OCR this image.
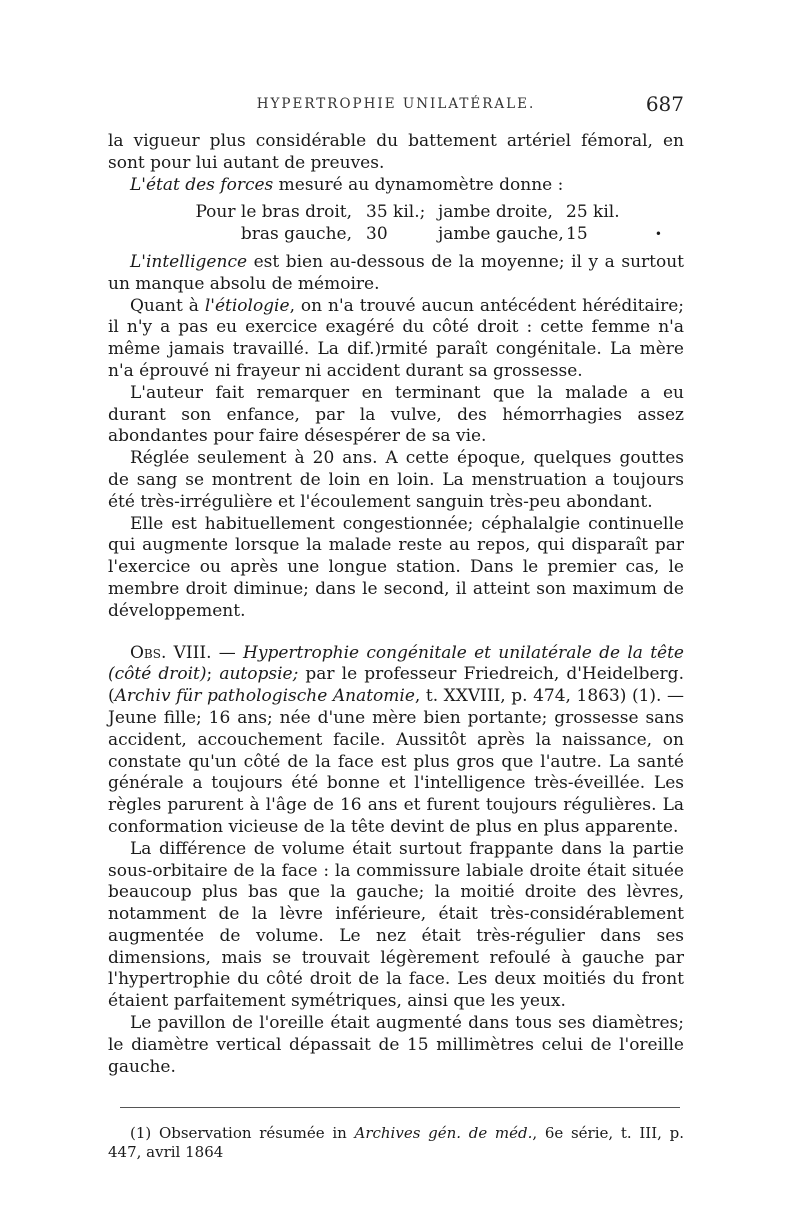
HYPERTROPHIE UNILATÉRALE.	687

la vigueur plus considérable du battement artériel fémoral, en sont pour lui autant de preuves.

L'état des forces mesuré au dynamomètre donne :

Pour le bras droit, 35 kil.; jambe droite, 25 kil.
bras gauche, 30	jambe gauche, 15	•

L'intelligence est bien au-dessous de la moyenne; il y a surtout un manque absolu de mémoire.

Quant à l'étiologie, on n'a trouvé aucun antécédent héréditaire; il n'y a pas eu exercice exagéré du côté droit : cette femme n'a même jamais travaillé. La dif.)rmité paraît congénitale. La mère n'a éprouvé ni frayeur ni accident durant sa grossesse.

L'auteur fait remarquer en terminant que la malade a eu durant son enfance, par la vulve, des hémorrhagies assez abondantes pour faire désespérer de sa vie.

Réglée seulement à 20 ans. A cette époque, quelques gouttes de sang se montrent de loin en loin. La menstruation a toujours été très-irrégulière et l'écoulement sanguin très-peu abondant.

Elle est habituellement congestionnée; céphalalgie continuelle qui augmente lorsque la malade reste au repos, qui disparaît par l'exercice ou après une longue station. Dans le premier cas, le membre droit diminue; dans le second, il atteint son maximum de développement.

Obs. VIII. — Hypertrophie congénitale et unilatérale de la tête (côté droit); autopsie; par le professeur Friedreich, d'Heidelberg. (Archiv für pathologische Anatomie, t. XXVIII, p. 474, 1863) (1). — Jeune fille; 16 ans; née d'une mère bien portante; grossesse sans accident, accouchement facile. Aussitôt après la naissance, on constate qu'un côté de la face est plus gros que l'autre. La santé générale a toujours été bonne et l'intelligence très-éveillée. Les règles parurent à l'âge de 16 ans et furent toujours régulières. La conformation vicieuse de la tête devint de plus en plus apparente.

La différence de volume était surtout frappante dans la partie sous-orbitaire de la face : la commissure labiale droite était située beaucoup plus bas que la gauche; la moitié droite des lèvres, notamment de la lèvre inférieure, était très-considérablement augmentée de volume. Le nez était très-régulier dans ses dimensions, mais se trouvait légèrement refoulé à gauche par l'hypertrophie du côté droit de la face. Les deux moitiés du front étaient parfaitement symétriques, ainsi que les yeux.

Le pavillon de l'oreille était augmenté dans tous ses diamètres; le diamètre vertical dépassait de 15 millimètres celui de l'oreille gauche.

(1) Observation résumée in Archives gén. de méd., 6e série, t. III, p. 447, avril 1864
